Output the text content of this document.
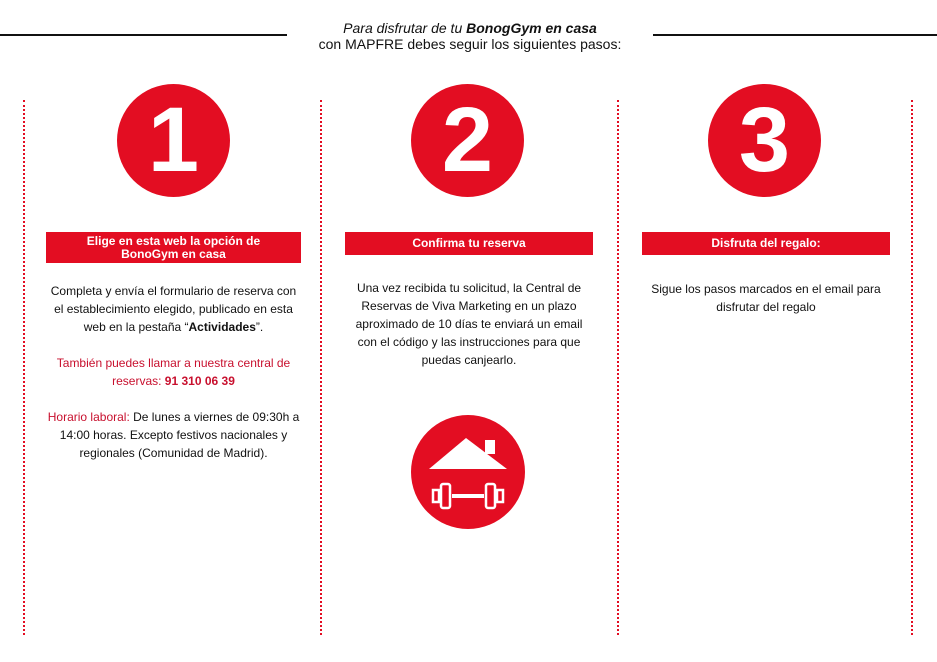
Para disfrutar de tu BonogGym en casa
con MAPFRE debes seguir los siguientes pasos:
1
Elige en esta web la opción de
BonoGym en casa
Completa y envía el formulario de reserva con el establecimiento elegido, publicado en esta web en la pestaña “Actividades”.
También puedes llamar a nuestra central de reservas: 91 310 06 39
Horario laboral: De lunes a viernes de 09:30h a 14:00 horas. Excepto festivos nacionales y regionales (Comunidad de Madrid).
2
Confirma tu reserva
Una vez recibida tu solicitud, la Central de Reservas de Viva Marketing en un plazo aproximado de 10 días te enviará un email con el código y las instrucciones para que puedas canjearlo.
3
Disfruta del regalo:
Sigue los pasos marcados en el email para disfrutar del regalo
